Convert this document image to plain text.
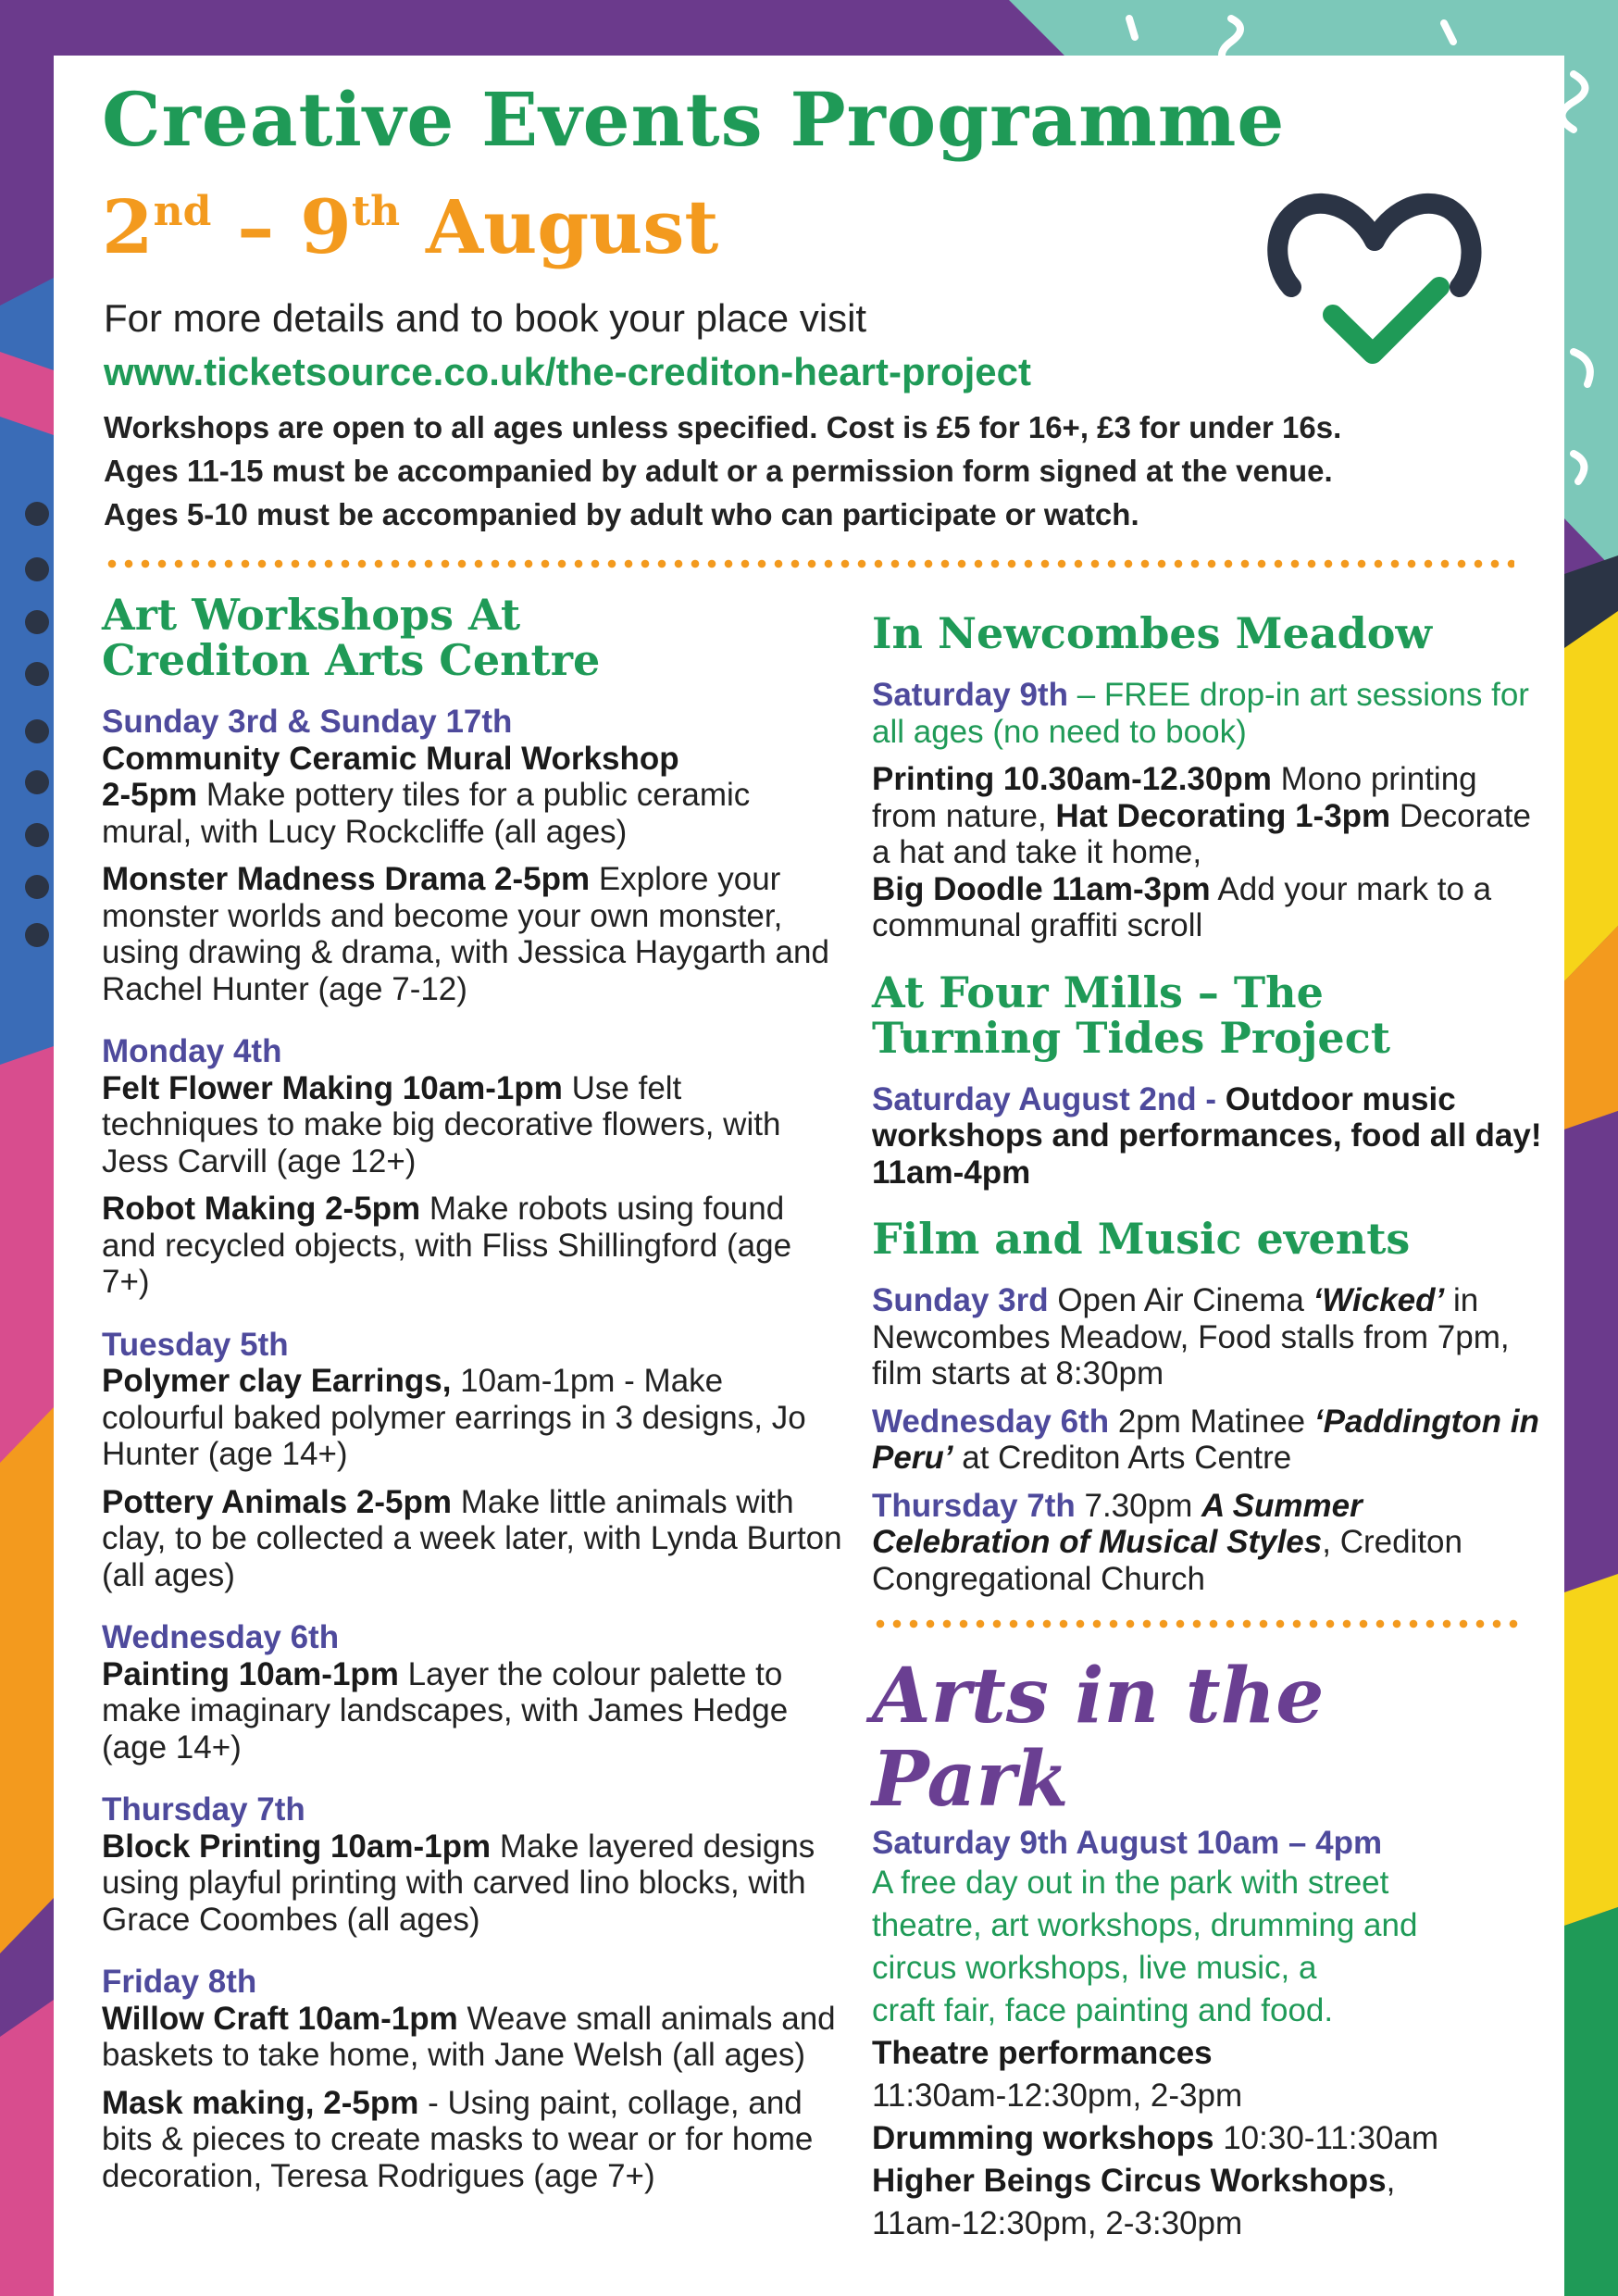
Creative Events Programme
2nd – 9th August
For more details and to book your place visit
www.ticketsource.co.uk/the-crediton-heart-project
Workshops are open to all ages unless specified. Cost is £5 for 16+, £3 for under 16s.
Ages 11-15 must be accompanied by adult or a permission form signed at the venue.
Ages 5-10 must be accompanied by adult who can participate or watch.
Art Workshops At
Crediton Arts Centre
Sunday 3rd & Sunday 17th
Community Ceramic Mural Workshop
2-5pm Make pottery tiles for a public ceramic mural, with Lucy Rockcliffe (all ages)
Monster Madness Drama 2-5pm Explore your monster worlds and become your own monster, using drawing & drama, with Jessica Haygarth and Rachel Hunter (age 7-12)
Monday 4th
Felt Flower Making 10am-1pm Use felt techniques to make big decorative flowers, with Jess Carvill (age 12+)
Robot Making 2-5pm Make robots using found and recycled objects, with Fliss Shillingford (age 7+)
Tuesday 5th
Polymer clay Earrings, 10am-1pm - Make colourful baked polymer earrings in 3 designs, Jo Hunter (age 14+)
Pottery Animals 2-5pm Make little animals with clay, to be collected a week later, with Lynda Burton (all ages)
Wednesday 6th
Painting 10am-1pm Layer the colour palette to make imaginary landscapes, with James Hedge (age 14+)
Thursday 7th
Block Printing 10am-1pm Make layered designs using playful printing with carved lino blocks, with Grace Coombes (all ages)
Friday 8th
Willow Craft 10am-1pm Weave small animals and baskets to take home, with Jane Welsh (all ages)
Mask making, 2-5pm - Using paint, collage, and bits & pieces to create masks to wear or for home decoration, Teresa Rodrigues (age 7+)
In Newcombes Meadow
Saturday 9th – FREE drop-in art sessions for all ages (no need to book)
Printing 10.30am-12.30pm Mono printing from nature, Hat Decorating 1-3pm Decorate a hat and take it home,
Big Doodle 11am-3pm Add your mark to a communal graffiti scroll
At Four Mills – The
Turning Tides Project
Saturday August 2nd - Outdoor music workshops and performances, food all day! 11am-4pm
Film and Music events
Sunday 3rd Open Air Cinema ‘Wicked’ in Newcombes Meadow, Food stalls from 7pm, film starts at 8:30pm
Wednesday 6th 2pm Matinee ‘Paddington in Peru’ at Crediton Arts Centre
Thursday 7th 7.30pm A Summer Celebration of Musical Styles, Crediton Congregational Church
Arts in the Park
Saturday 9th August 10am – 4pm
A free day out in the park with street
theatre, art workshops, drumming and
circus workshops, live music, a
craft fair, face painting and food.
Theatre performances
11:30am-12:30pm, 2-3pm
Drumming workshops 10:30-11:30am
Higher Beings Circus Workshops,
11am-12:30pm, 2-3:30pm
